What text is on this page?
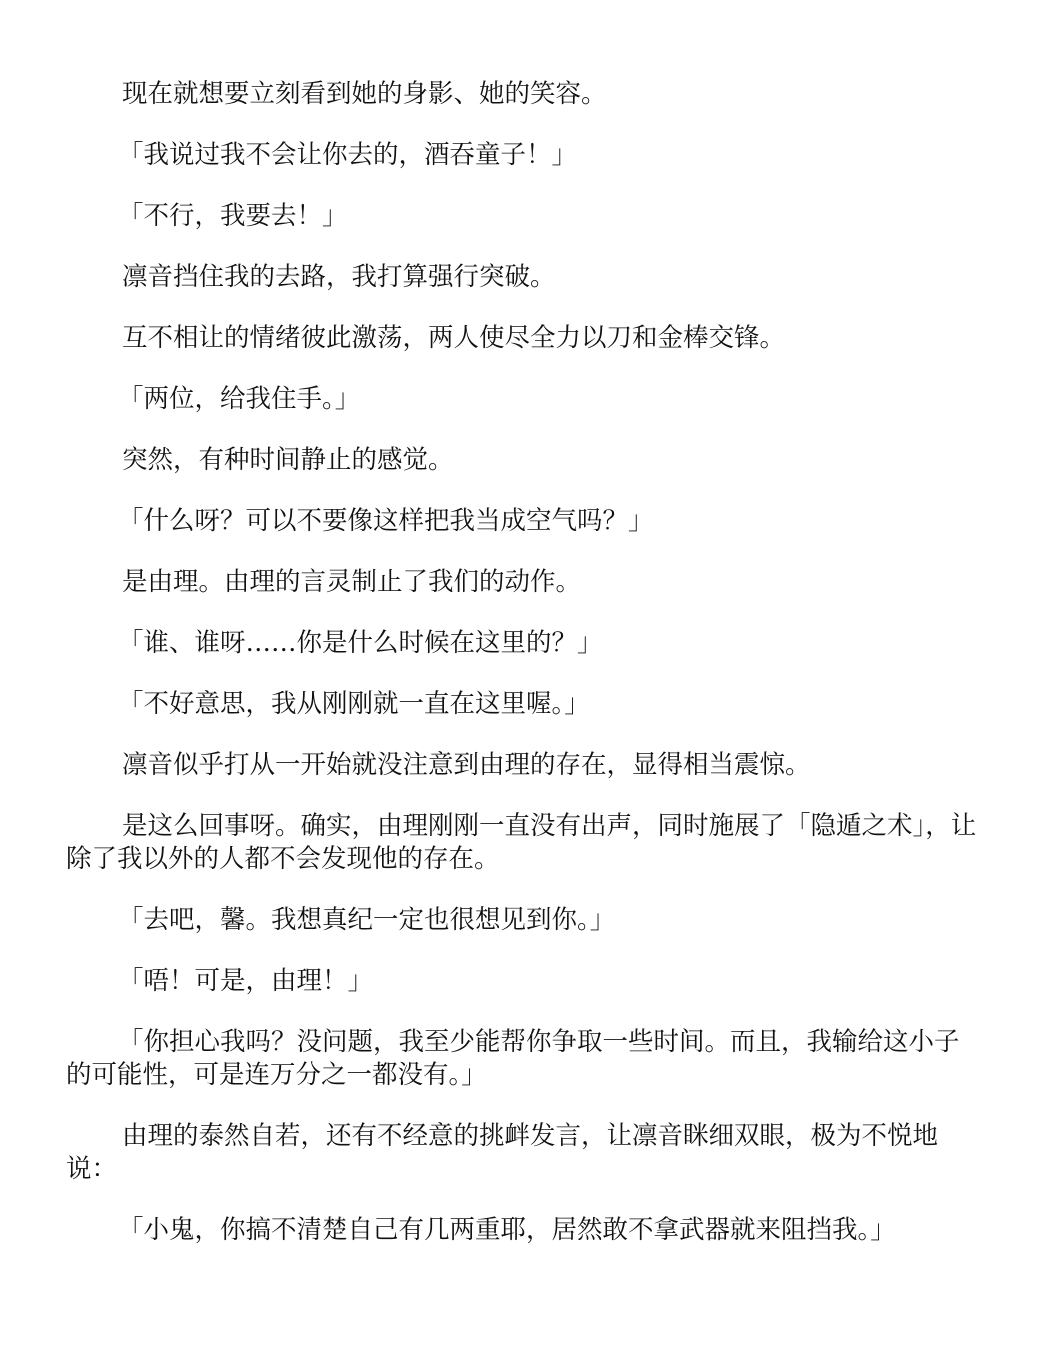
现在就想要立刻看到她的身影、她的笑容。

「我说过我不会让你去的，酒吞童子！」

「不行，我要去！」

凛音挡住我的去路，我打算强行突破。

互不相让的情绪彼此激荡，两人使尽全力以刀和金棒交锋。

「两位，给我住手。」

突然，有种时间静止的感觉。

「什么呀？可以不要像这样把我当成空气吗？」

是由理。由理的言灵制止了我们的动作。

「谁、谁呀……你是什么时候在这里的？」

「不好意思，我从刚刚就一直在这里喔。」

凛音似乎打从一开始就没注意到由理的存在，显得相当震惊。

是这么回事呀。确实，由理刚刚一直没有出声，同时施展了「隐遁之术」，让除了我以外的人都不会发现他的存在。

「去吧，馨。我想真纪一定也很想见到你。」

「唔！可是，由理！」

「你担心我吗？没问题，我至少能帮你争取一些时间。而且，我输给这小子的可能性，可是连万分之一都没有。」

由理的泰然自若，还有不经意的挑衅发言，让凛音眯细双眼，极为不悦地说：

「小鬼，你搞不清楚自己有几两重耶，居然敢不拿武器就来阻挡我。」
